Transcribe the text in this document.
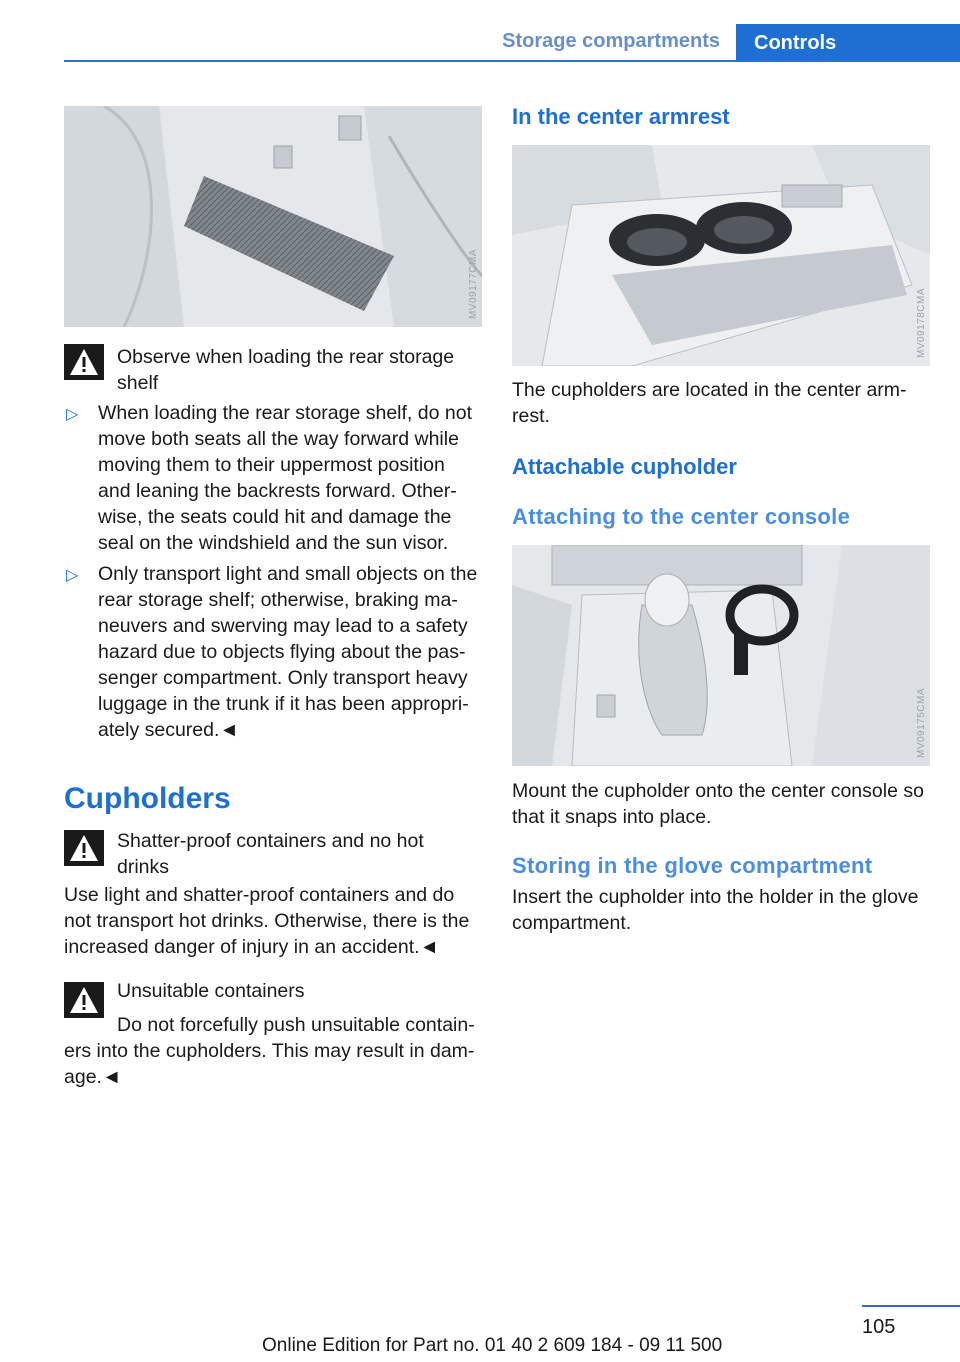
Storage compartments	Controls
MV09177CMA
Observe when loading the rear storage shelf
▷ When loading the rear storage shelf, do not move both seats all the way forward while moving them to their uppermost position and leaning the backrests forward. Other-wise, the seats could hit and damage the seal on the windshield and the sun visor.
▷ Only transport light and small objects on the rear storage shelf; otherwise, braking ma-neuvers and swerving may lead to a safety hazard due to objects flying about the pas-senger compartment. Only transport heavy luggage in the trunk if it has been appropri-ately secured.◄
Cupholders
Shatter-proof containers and no hot drinks
Use light and shatter-proof containers and do not transport hot drinks. Otherwise, there is the increased danger of injury in an accident.◄
Unsuitable containers
Do not forcefully push unsuitable contain-ers into the cupholders. This may result in dam-age.◄
In the center armrest
MV09178CMA
The cupholders are located in the center arm-rest.
Attachable cupholder
Attaching to the center console
MV09175CMA
Mount the cupholder onto the center console so that it snaps into place.
Storing in the glove compartment
Insert the cupholder into the holder in the glove compartment.
105
Online Edition for Part no. 01 40 2 609 184 - 09 11 500
